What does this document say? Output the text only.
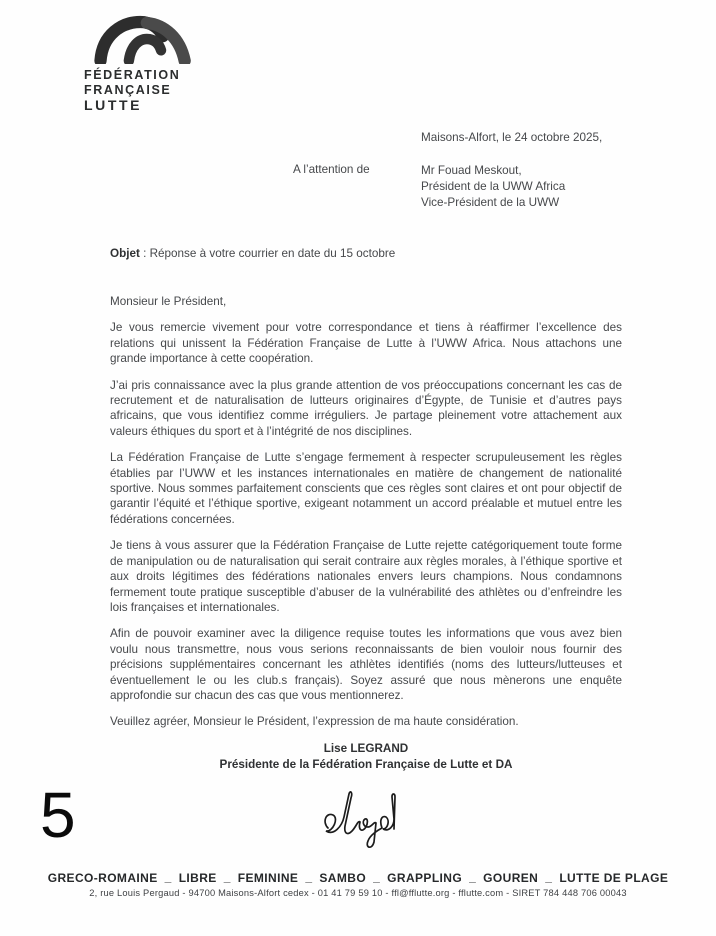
FÉDÉRATION
FRANÇAISE
LUTTE
Maisons-Alfort, le 24 octobre 2025,
A l’attention de	Mr Fouad Meskout,
Président de la UWW Africa
Vice-Président de la UWW
Objet : Réponse à votre courrier en date du 15 octobre
Monsieur le Président,

Je vous remercie vivement pour votre correspondance et tiens à réaffirmer l’excellence des relations qui unissent la Fédération Française de Lutte à l’UWW Africa. Nous attachons une grande importance à cette coopération.

J’ai pris connaissance avec la plus grande attention de vos préoccupations concernant les cas de recrutement et de naturalisation de lutteurs originaires d’Égypte, de Tunisie et d’autres pays africains, que vous identifiez comme irréguliers. Je partage pleinement votre attachement aux valeurs éthiques du sport et à l’intégrité de nos disciplines.

La Fédération Française de Lutte s’engage fermement à respecter scrupuleusement les règles établies par l’UWW et les instances internationales en matière de changement de nationalité sportive. Nous sommes parfaitement conscients que ces règles sont claires et ont pour objectif de garantir l’équité et l’éthique sportive, exigeant notamment un accord préalable et mutuel entre les fédérations concernées.

Je tiens à vous assurer que la Fédération Française de Lutte rejette catégoriquement toute forme de manipulation ou de naturalisation qui serait contraire aux règles morales, à l’éthique sportive et aux droits légitimes des fédérations nationales envers leurs champions. Nous condamnons fermement toute pratique susceptible d’abuser de la vulnérabilité des athlètes ou d’enfreindre les lois françaises et internationales.

Afin de pouvoir examiner avec la diligence requise toutes les informations que vous avez bien voulu nous transmettre, nous vous serions reconnaissants de bien vouloir nous fournir des précisions supplémentaires concernant les athlètes identifiés (noms des lutteurs/lutteuses et éventuellement le ou les club.s français). Soyez assuré que nous mènerons une enquête approfondie sur chacun des cas que vous mentionnerez.

Veuillez agréer, Monsieur le Président, l’expression de ma haute considération.
Lise LEGRAND
Présidente de la Fédération Française de Lutte et DA
5
GRECO-ROMAINE _ LIBRE _ FEMININE _ SAMBO _ GRAPPLING _ GOUREN _ LUTTE DE PLAGE
2, rue Louis Pergaud - 94700 Maisons-Alfort cedex - 01 41 79 59 10 - ffl@fflutte.org - fflutte.com - SIRET 784 448 706 00043
